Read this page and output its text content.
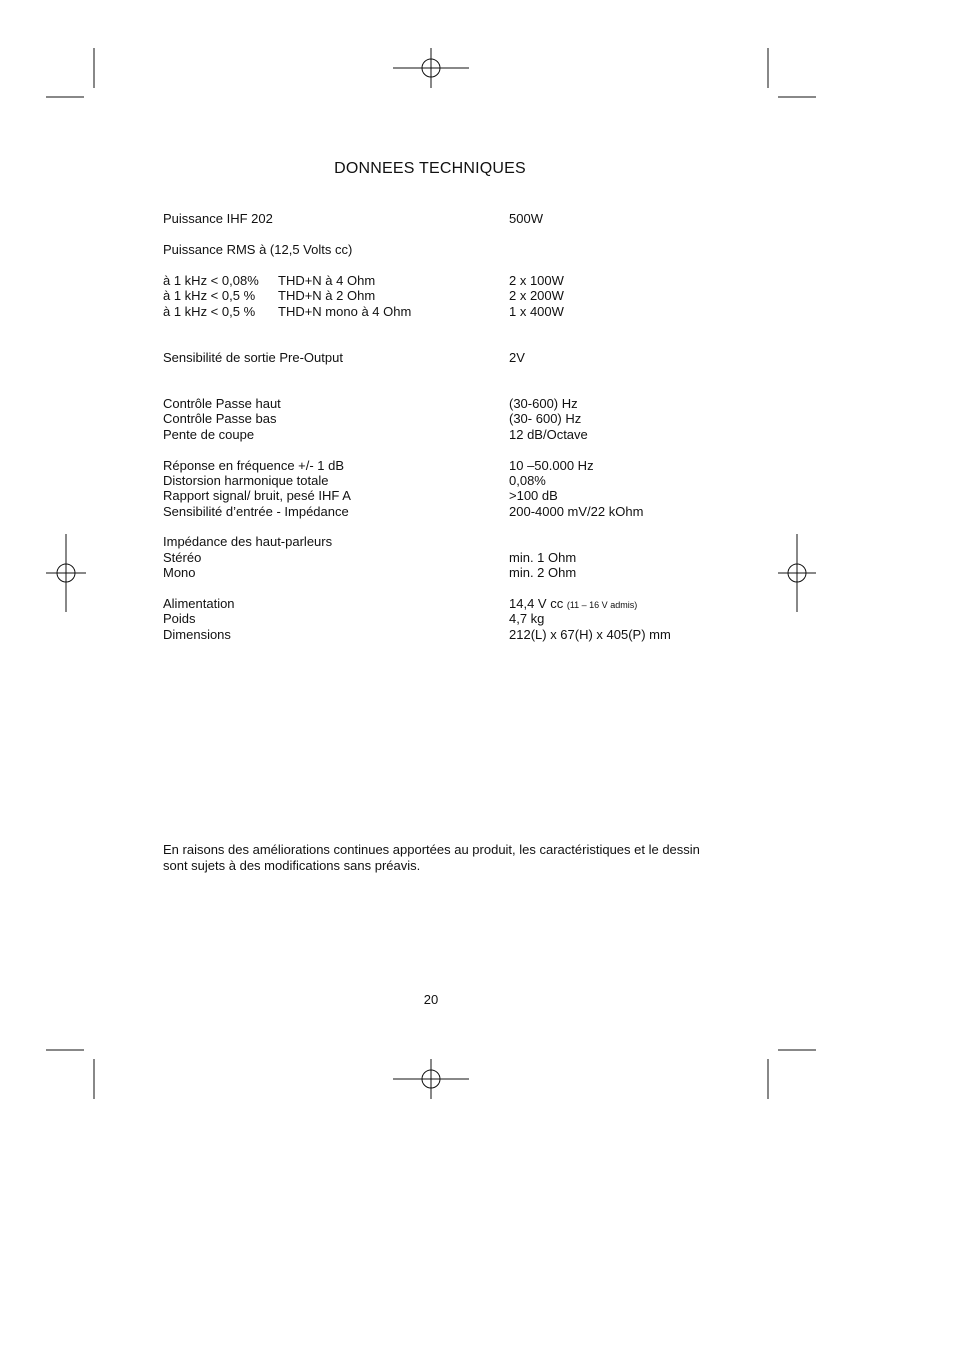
DONNEES TECHNIQUES
Puissance IHF 202	500W
Puissance RMS à (12,5 Volts cc)
à 1 kHz < 0,08% THD+N à 4 Ohm	2 x 100W
à 1 kHz < 0,5 % THD+N à 2 Ohm	2 x 200W
à 1 kHz < 0,5 % THD+N mono à 4 Ohm	1 x 400W
Sensibilité de sortie Pre-Output	2V
Contrôle Passe haut	(30-600) Hz
Contrôle Passe bas	(30- 600) Hz
Pente de coupe	12 dB/Octave
Réponse en fréquence +/- 1 dB	10 –50.000 Hz
Distorsion harmonique totale	0,08%
Rapport signal/ bruit, pesé IHF A	>100 dB
Sensibilité d’entrée - Impédance	200-4000 mV/22 kOhm
Impédance des haut-parleurs
Stéréo	min. 1 Ohm
Mono	min. 2 Ohm
Alimentation	14,4 V cc (11 – 16 V admis)
Poids	4,7 kg
Dimensions	212(L) x 67(H) x 405(P) mm
En raisons des améliorations continues apportées au produit, les caractéristiques et le dessin
sont sujets à des modifications sans préavis.
20
